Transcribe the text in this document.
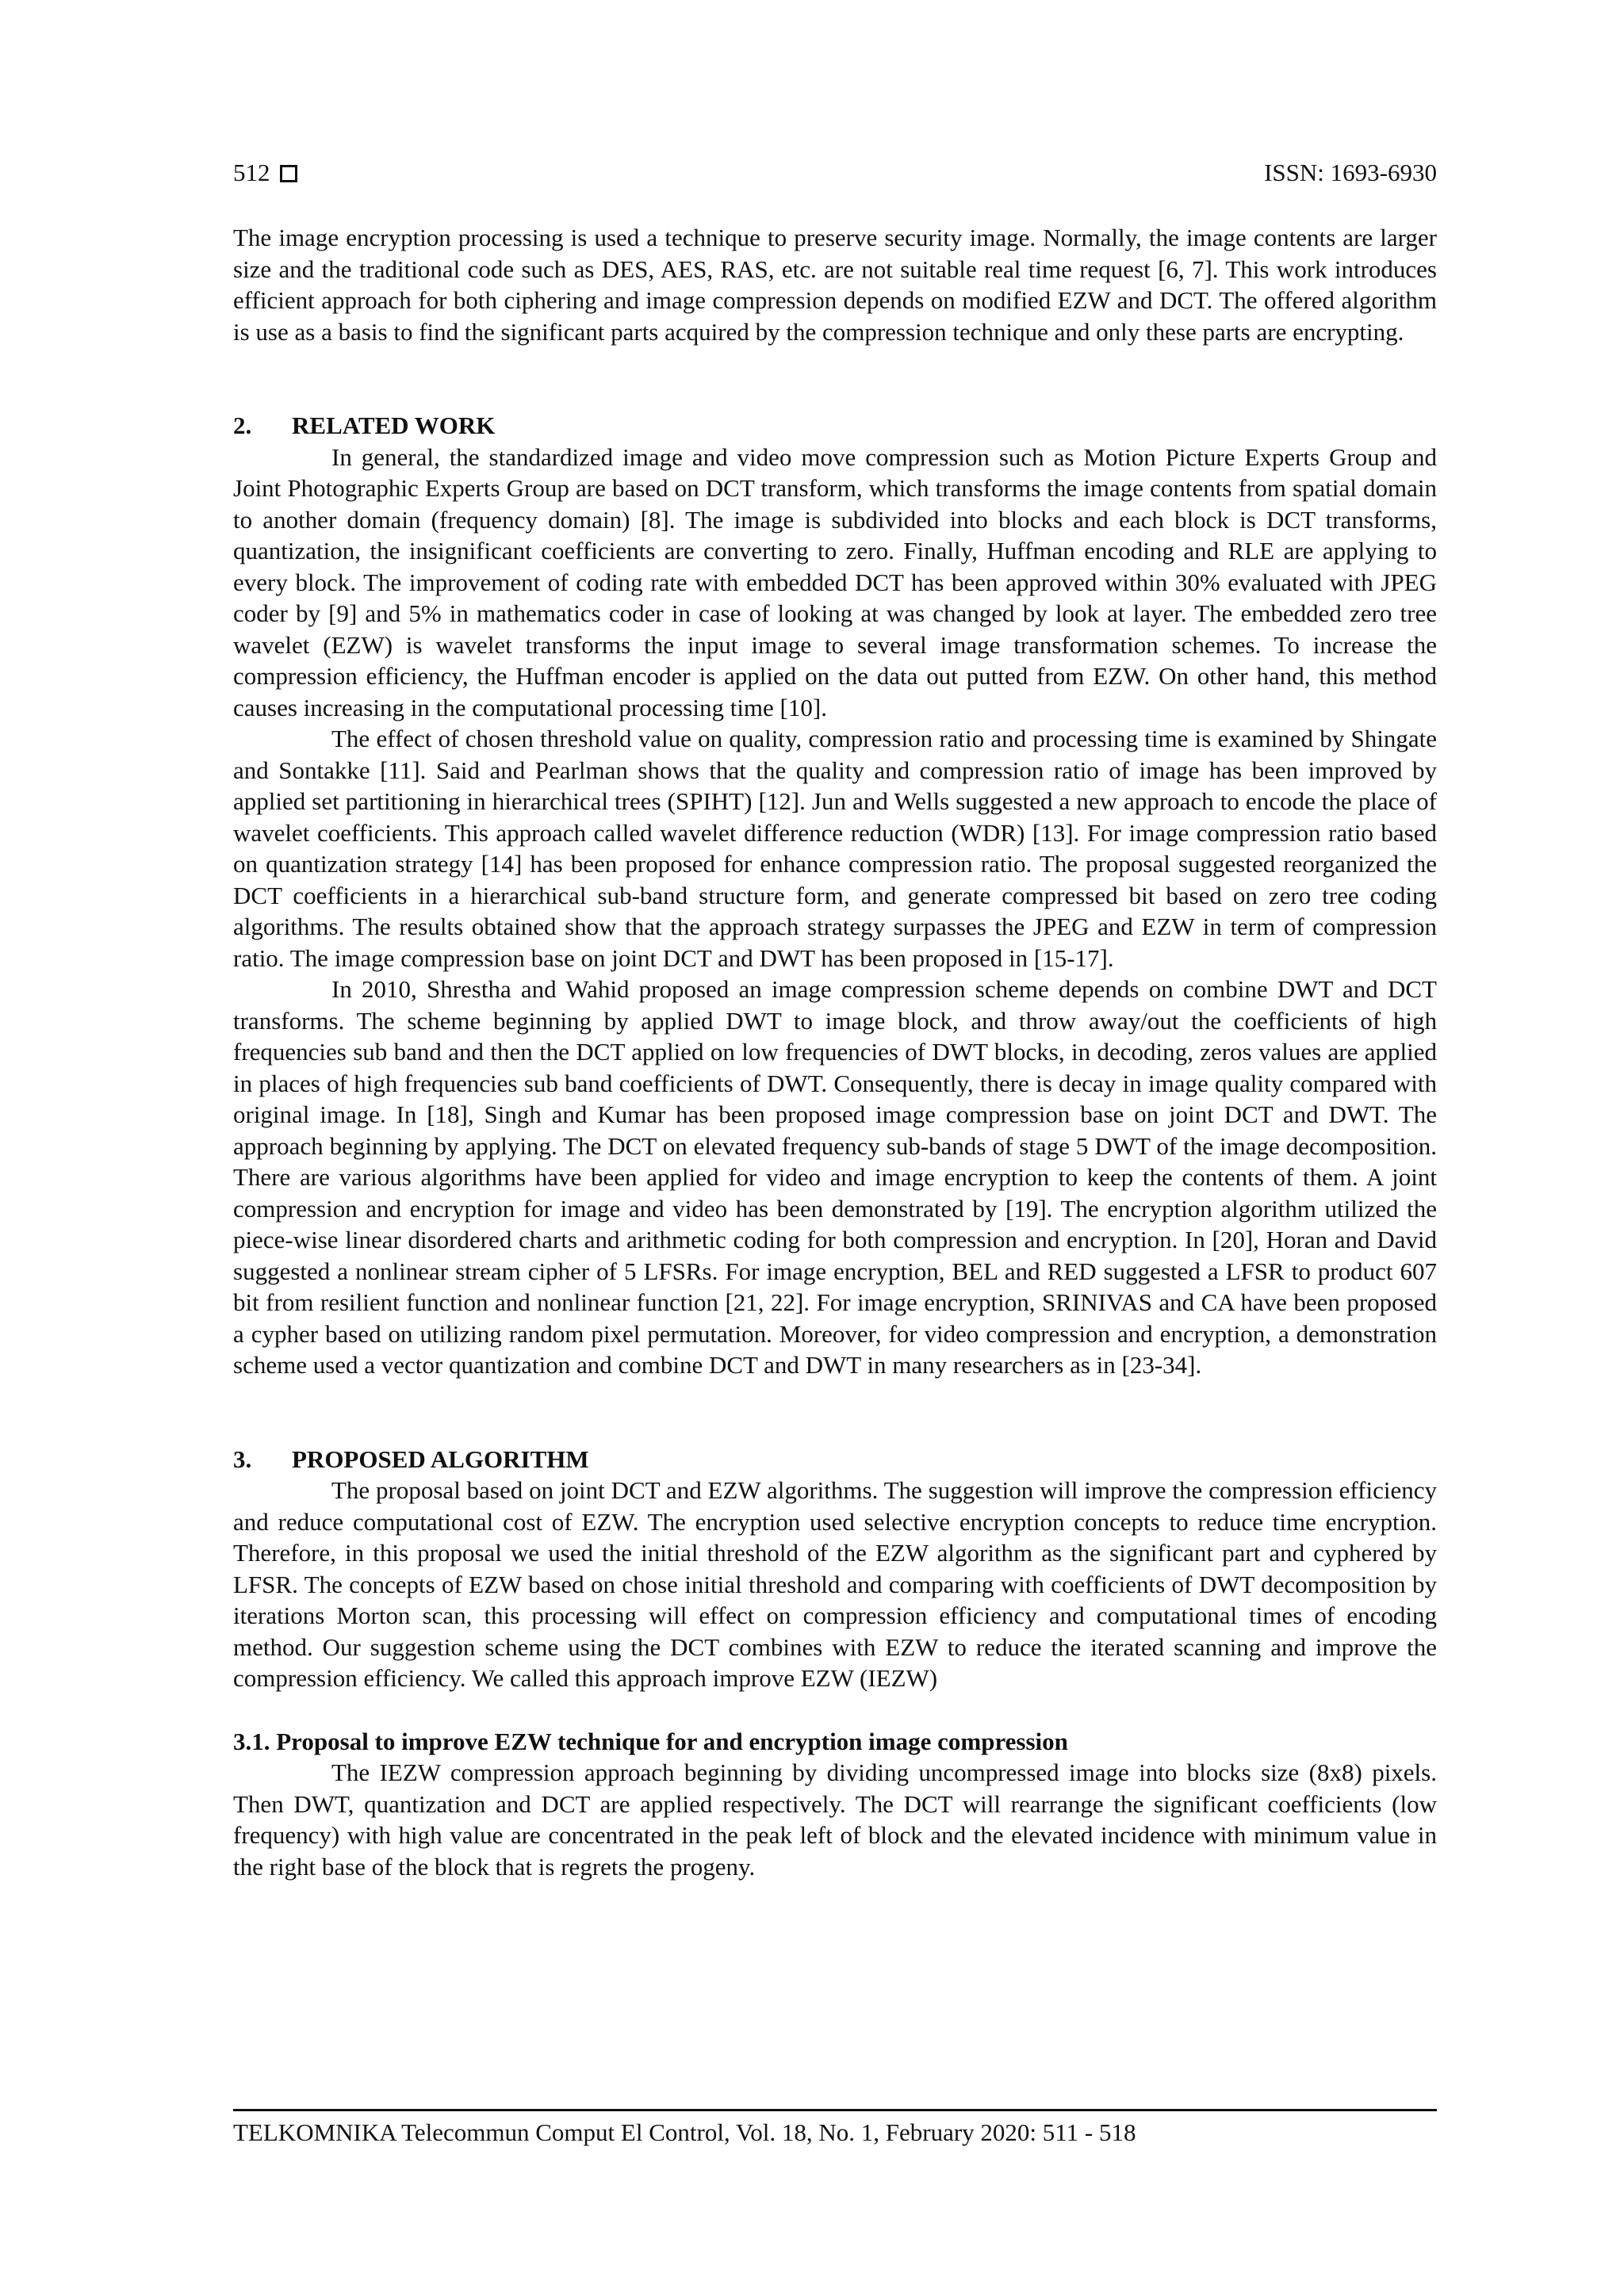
512	ISSN: 1693-6930

The image encryption processing is used a technique to preserve security image. Normally, the image contents are larger size and the traditional code such as DES, AES, RAS, etc. are not suitable real time request [6, 7]. This work introduces efficient approach for both ciphering and image compression depends on modified EZW and DCT. The offered algorithm is use as a basis to find the significant parts acquired by the compression technique and only these parts are encrypting.

2. RELATED WORK

In general, the standardized image and video move compression such as Motion Picture Experts Group and Joint Photographic Experts Group are based on DCT transform, which transforms the image contents from spatial domain to another domain (frequency domain) [8]. The image is subdivided into blocks and each block is DCT transforms, quantization, the insignificant coefficients are converting to zero. Finally, Huffman encoding and RLE are applying to every block. The improvement of coding rate with embedded DCT has been approved within 30% evaluated with JPEG coder by [9] and 5% in mathematics coder in case of looking at was changed by look at layer. The embedded zero tree wavelet (EZW) is wavelet transforms the input image to several image transformation schemes. To increase the compression efficiency, the Huffman encoder is applied on the data out putted from EZW. On other hand, this method causes increasing in the computational processing time [10].

The effect of chosen threshold value on quality, compression ratio and processing time is examined by Shingate and Sontakke [11]. Said and Pearlman shows that the quality and compression ratio of image has been improved by applied set partitioning in hierarchical trees (SPIHT) [12]. Jun and Wells suggested a new approach to encode the place of wavelet coefficients. This approach called wavelet difference reduction (WDR) [13]. For image compression ratio based on quantization strategy [14] has been proposed for enhance compression ratio. The proposal suggested reorganized the DCT coefficients in a hierarchical sub-band structure form, and generate compressed bit based on zero tree coding algorithms. The results obtained show that the approach strategy surpasses the JPEG and EZW in term of compression ratio. The image compression base on joint DCT and DWT has been proposed in [15-17].

In 2010, Shrestha and Wahid proposed an image compression scheme depends on combine DWT and DCT transforms. The scheme beginning by applied DWT to image block, and throw away/out the coefficients of high frequencies sub band and then the DCT applied on low frequencies of DWT blocks, in decoding, zeros values are applied in places of high frequencies sub band coefficients of DWT. Consequently, there is decay in image quality compared with original image. In [18], Singh and Kumar has been proposed image compression base on joint DCT and DWT. The approach beginning by applying. The DCT on elevated frequency sub-bands of stage 5 DWT of the image decomposition. There are various algorithms have been applied for video and image encryption to keep the contents of them. A joint compression and encryption for image and video has been demonstrated by [19]. The encryption algorithm utilized the piece-wise linear disordered charts and arithmetic coding for both compression and encryption. In [20], Horan and David suggested a nonlinear stream cipher of 5 LFSRs. For image encryption, BEL and RED suggested a LFSR to product 607 bit from resilient function and nonlinear function [21, 22]. For image encryption, SRINIVAS and CA have been proposed a cypher based on utilizing random pixel permutation. Moreover, for video compression and encryption, a demonstration scheme used a vector quantization and combine DCT and DWT in many researchers as in [23-34].

3. PROPOSED ALGORITHM

The proposal based on joint DCT and EZW algorithms. The suggestion will improve the compression efficiency and reduce computational cost of EZW. The encryption used selective encryption concepts to reduce time encryption. Therefore, in this proposal we used the initial threshold of the EZW algorithm as the significant part and cyphered by LFSR. The concepts of EZW based on chose initial threshold and comparing with coefficients of DWT decomposition by iterations Morton scan, this processing will effect on compression efficiency and computational times of encoding method. Our suggestion scheme using the DCT combines with EZW to reduce the iterated scanning and improve the compression efficiency. We called this approach improve EZW (IEZW)

3.1. Proposal to improve EZW technique for and encryption image compression

The IEZW compression approach beginning by dividing uncompressed image into blocks size (8x8) pixels. Then DWT, quantization and DCT are applied respectively. The DCT will rearrange the significant coefficients (low frequency) with high value are concentrated in the peak left of block and the elevated incidence with minimum value in the right base of the block that is regrets the progeny.

TELKOMNIKA Telecommun Comput El Control, Vol. 18, No. 1, February 2020: 511 - 518
